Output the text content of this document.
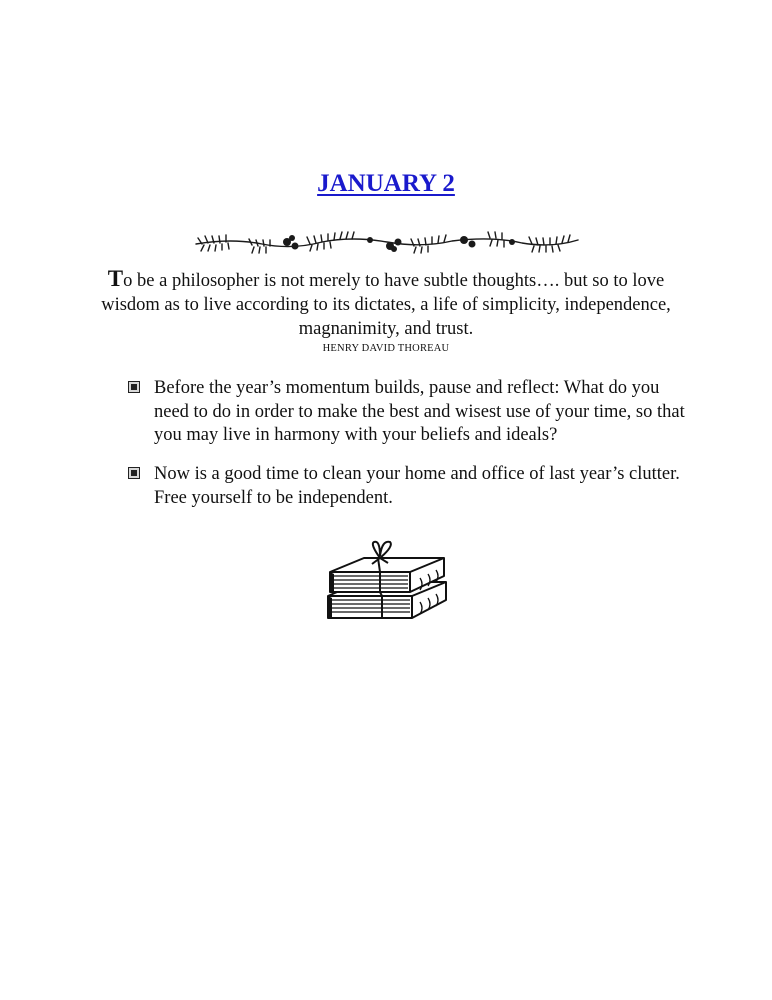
JANUARY 2
To be a philosopher is not merely to have subtle thoughts…. but so to love wisdom as to live according to its dictates, a life of simplicity, independence, magnanimity, and trust.
HENRY DAVID THOREAU
Before the year’s momentum builds, pause and reflect: What do you need to do in order to make the best and wisest use of your time, so that you may live in harmony with your beliefs and ideals?
Now is a good time to clean your home and office of last year’s clutter. Free yourself to be independent.
